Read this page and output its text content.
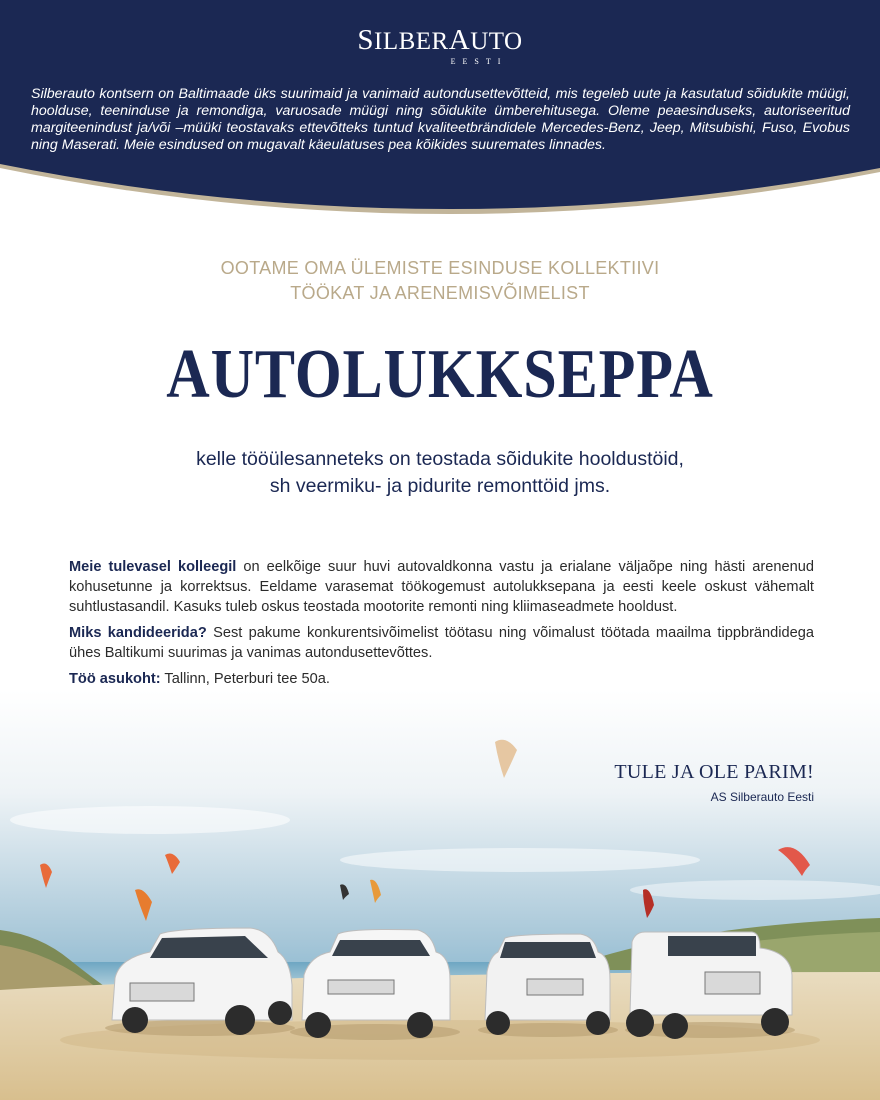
SILBERAUTO
EESTI

Silberauto kontsern on Baltimaade üks suurimaid ja vanimaid autondusettevõtteid, mis tegeleb uute ja kasutatud sõidukite müügi, hoolduse, teeninduse ja remondiga, varuosade müügi ning sõidukite ümberehitusega. Oleme peaesinduseks, autoriseeritud margiteenindust ja/või –müüki teostavaks ettevõtteks tuntud kvaliteetbrändidele Mercedes-Benz, Jeep, Mitsubishi, Fuso, Evobus ning Maserati. Meie esindused on mugavalt käeulatuses pea kõikides suuremates linnades.

OOTAME OMA ÜLEMISTE ESINDUSE KOLLEKTIIVI
TÖÖKAT JA ARENEMISVÕIMELIST
AUTOLUKKSEPPA
kelle tööülesanneteks on teostada sõidukite hooldustöid,
sh veermiku- ja pidurite remonttöid jms.

Meie tulevasel kolleegil on eelkõige suur huvi autovaldkonna vastu ja erialane väljaõpe ning hästi arenenud kohusetunne ja korrektsus. Eeldame varasemat töökogemust autolukksepana ja eesti keele oskust vähemalt suhtlustasandil. Kasuks tuleb oskus teostada mootorite remonti ning kliimaseadmete hooldust.

Miks kandideerida? Sest pakume konkurentsivõimelist töötasu ning võimalust töötada maailma tippbrändidega ühes Baltikumi suurimas ja vanimas autondusettevõttes.

Töö asukoht: Tallinn, Peterburi tee 50a.

TULE JA OLE PARIM!
AS Silberauto Eesti
